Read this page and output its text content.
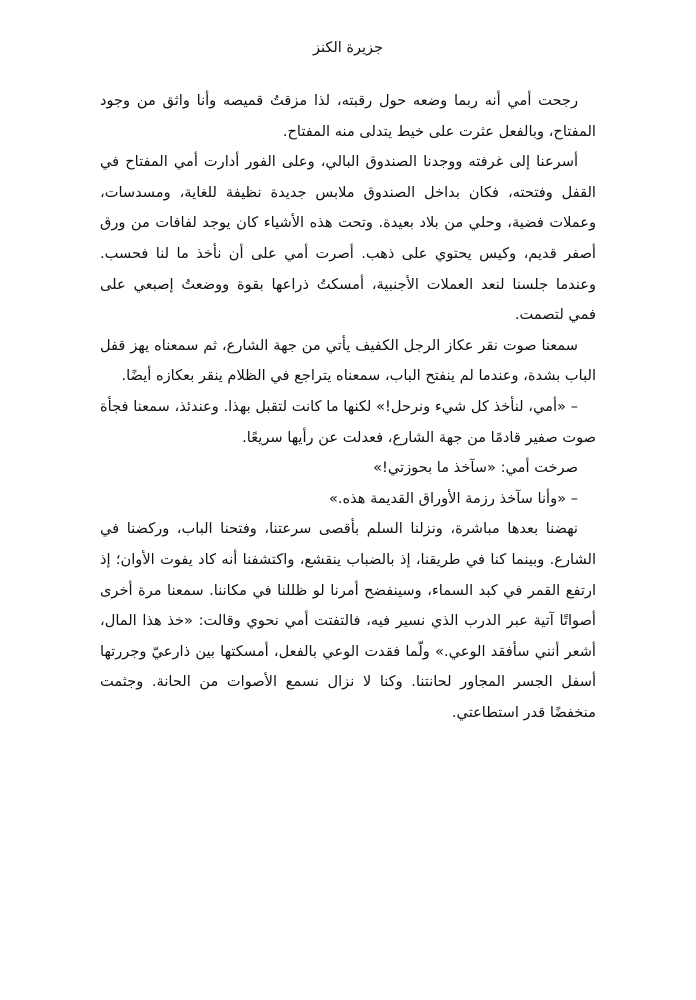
جزيرة الكنز

رجحت أمي أنه ربما وضعه حول رقبته، لذا مزقتُ قميصه وأنا واثق من وجود المفتاح، وبالفعل عثرت على خيط يتدلى منه المفتاح.

أسرعنا إلى غرفته ووجدنا الصندوق البالي، وعلى الفور أدارت أمي المفتاح في القفل وفتحته، فكان بداخل الصندوق ملابس جديدة نظيفة للغاية، ومسدسات، وعملات فضية، وحلي من بلاد بعيدة. وتحت هذه الأشياء كان يوجد لفافات من ورق أصفر قديم، وكيس يحتوي على ذهب. أصرت أمي على أن نأخذ ما لنا فحسب. وعندما جلسنا لنعد العملات الأجنبية، أمسكتُ ذراعها بقوة ووضعتُ إصبعي على فمي لتصمت.

سمعنا صوت نقر عكاز الرجل الكفيف يأتي من جهة الشارع، ثم سمعناه يهز قفل الباب بشدة، وعندما لم ينفتح الباب، سمعناه يتراجع في الظلام ينقر بعكازه أيضًا.

– «أمي، لنأخذ كل شيء ونرحل!» لكنها ما كانت لتقبل بهذا. وعندئذ، سمعنا فجأة صوت صفير قادمًا من جهة الشارع، فعدلت عن رأيها سريعًا.

صرخت أمي: «سآخذ ما بحوزتي!»

– «وأنا سآخذ رزمة الأوراق القديمة هذه.»

نهضنا بعدها مباشرة، ونزلنا السلم بأقصى سرعتنا، وفتحنا الباب، وركضنا في الشارع. وبينما كنا في طريقنا، إذ بالضباب ينقشع، واكتشفنا أنه كاد يفوت الأوان؛ إذ ارتفع القمر في كبد السماء، وسينفضح أمرنا لو ظللنا في مكاننا. سمعنا مرة أخرى أصواتًا آتية عبر الدرب الذي نسير فيه، فالتفتت أمي نحوي وقالت: «خذ هذا المال، أشعر أنني سأفقد الوعي.» ولّما فقدت الوعي بالفعل، أمسكتها بين ذارعيّ وجررتها أسفل الجسر المجاور لحانتنا. وكنا لا نزال نسمع الأصوات من الحانة. وجثمت منخفضًا قدر استطاعتي.
